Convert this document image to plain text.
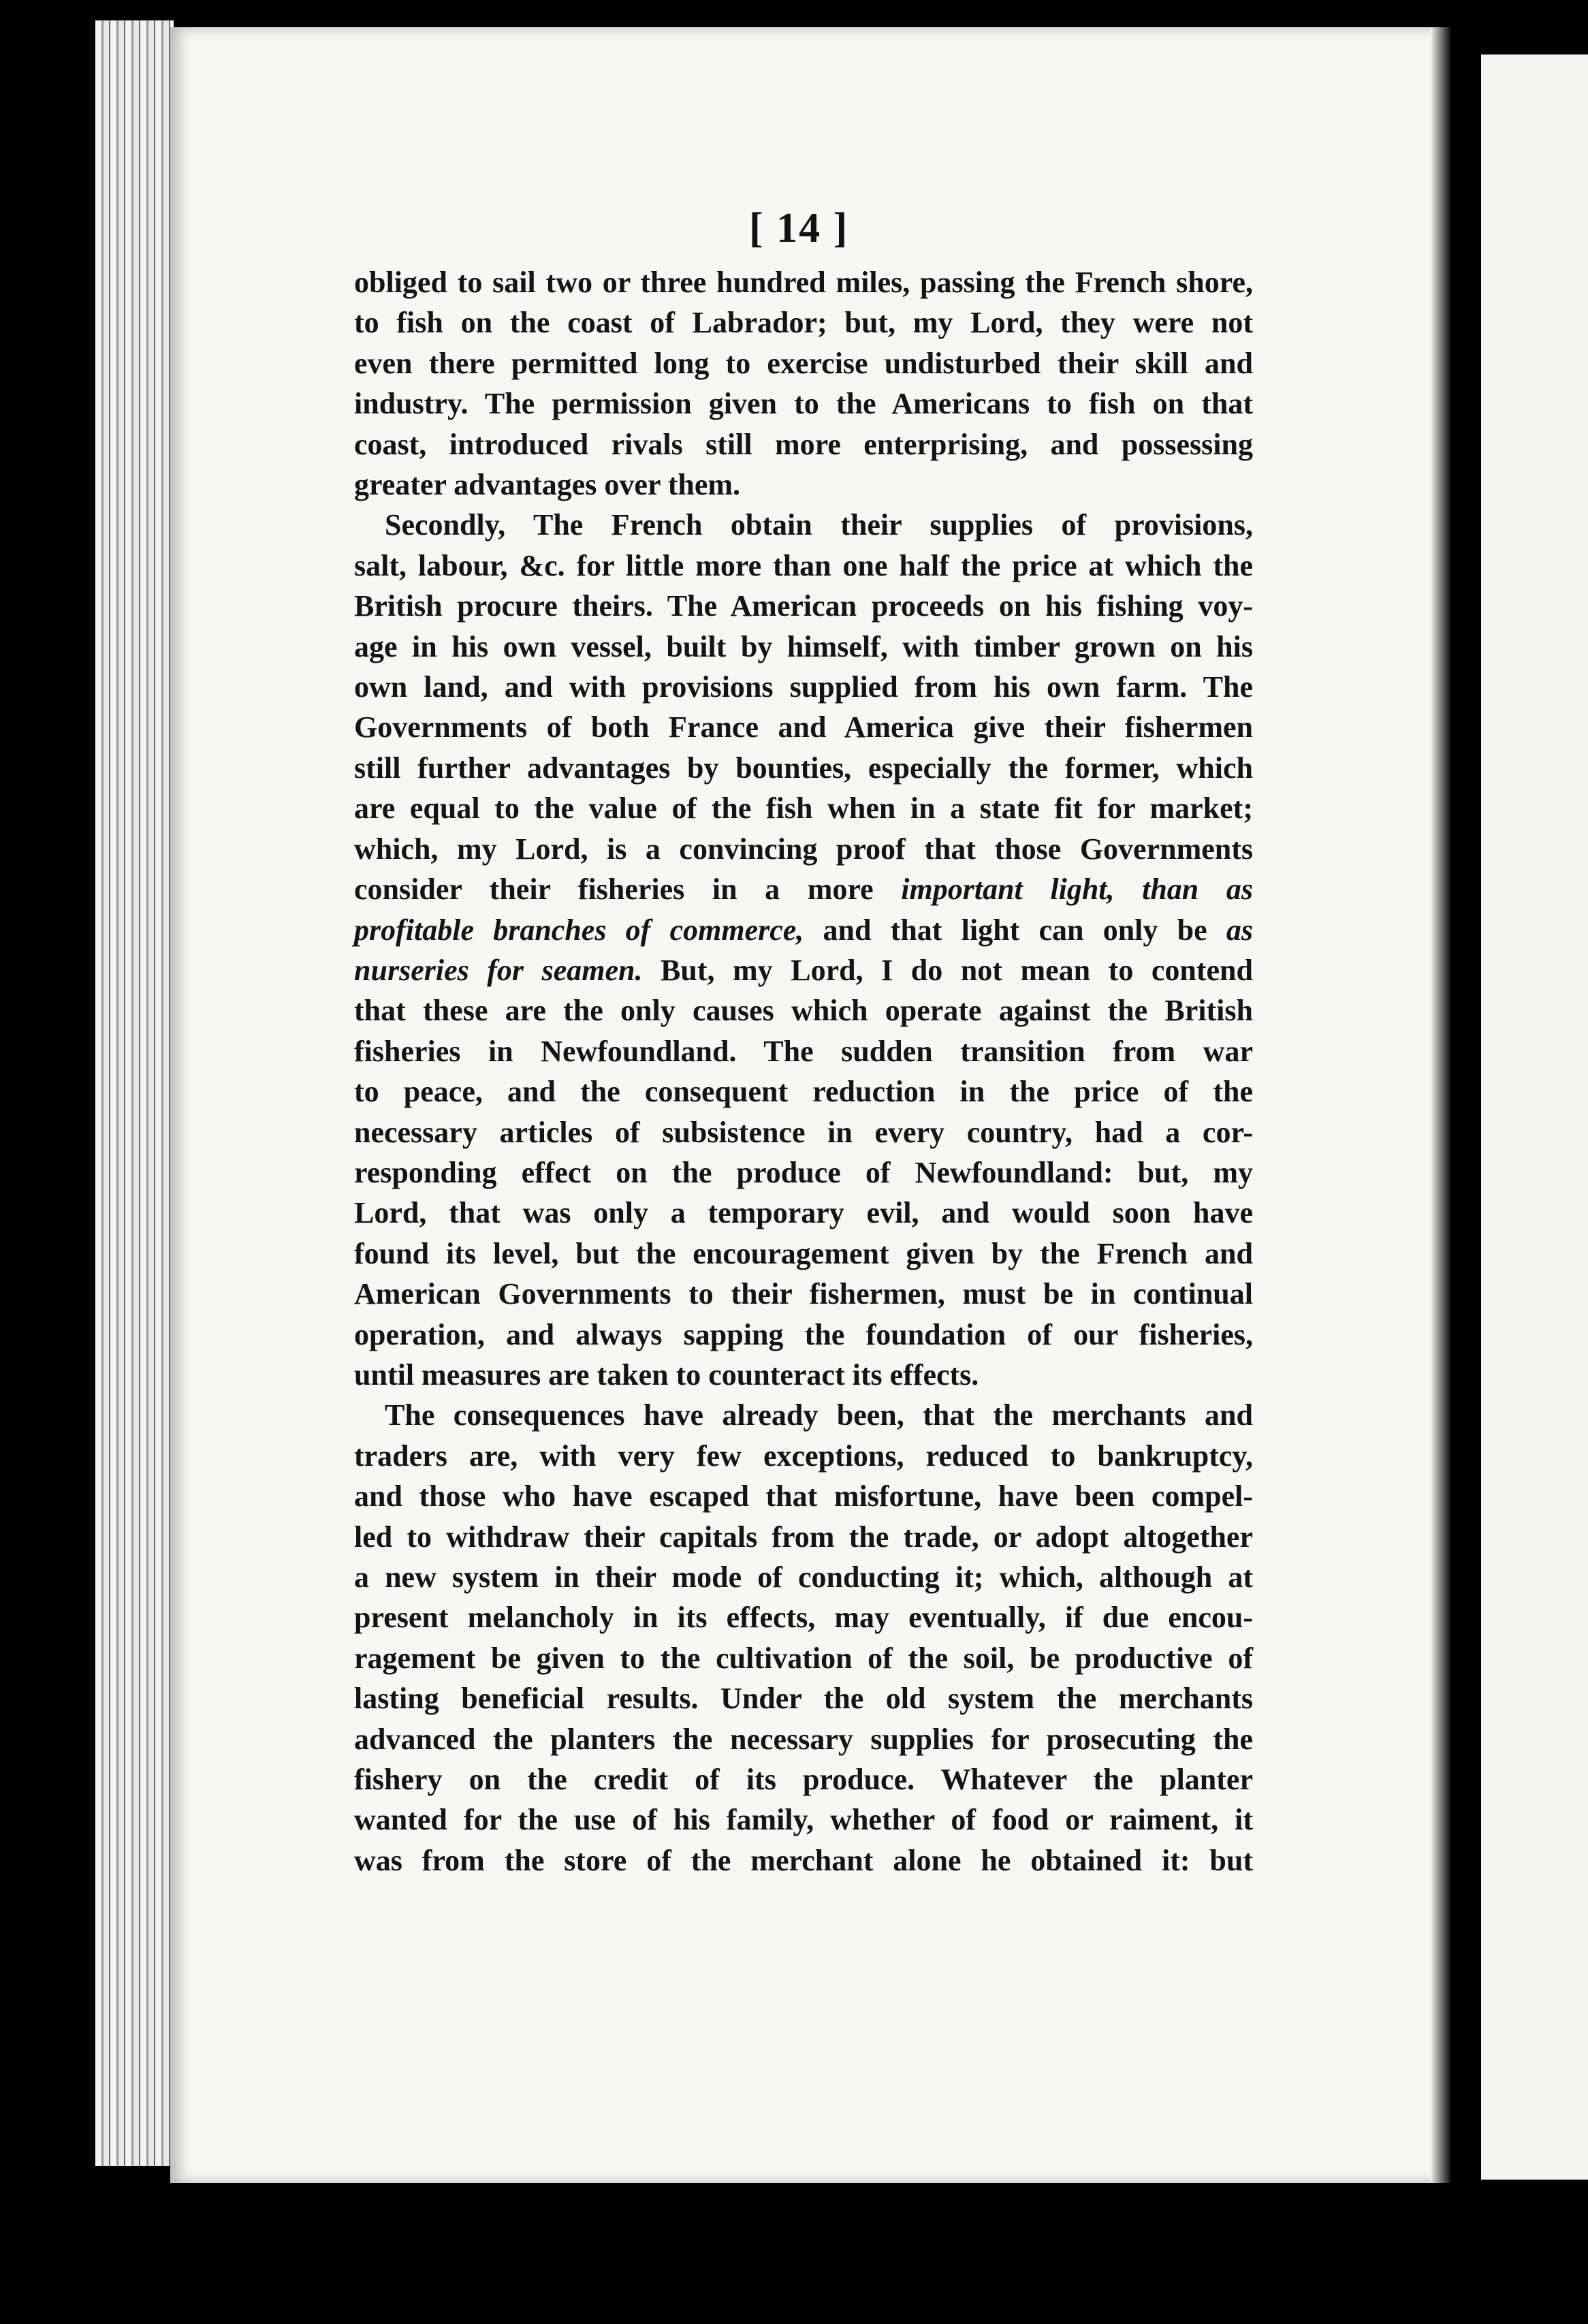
[ 14 ]
obliged to sail two or three hundred miles, passing the French shore,
to fish on the coast of Labrador; but, my Lord, they were not
even there permitted long to exercise undisturbed their skill and
industry. The permission given to the Americans to fish on that
coast, introduced rivals still more enterprising, and possessing
greater advantages over them.
Secondly, The French obtain their supplies of provisions,
salt, labour, &c. for little more than one half the price at which the
British procure theirs. The American proceeds on his fishing voy-
age in his own vessel, built by himself, with timber grown on his
own land, and with provisions supplied from his own farm. The
Governments of both France and America give their fishermen
still further advantages by bounties, especially the former, which
are equal to the value of the fish when in a state fit for market;
which, my Lord, is a convincing proof that those Governments
consider their fisheries in a more important light, than as
profitable branches of commerce, and that light can only be as
nurseries for seamen. But, my Lord, I do not mean to contend
that these are the only causes which operate against the British
fisheries in Newfoundland. The sudden transition from war
to peace, and the consequent reduction in the price of the
necessary articles of subsistence in every country, had a cor-
responding effect on the produce of Newfoundland: but, my
Lord, that was only a temporary evil, and would soon have
found its level, but the encouragement given by the French and
American Governments to their fishermen, must be in continual
operation, and always sapping the foundation of our fisheries,
until measures are taken to counteract its effects.
The consequences have already been, that the merchants and
traders are, with very few exceptions, reduced to bankruptcy,
and those who have escaped that misfortune, have been compel-
led to withdraw their capitals from the trade, or adopt altogether
a new system in their mode of conducting it; which, although at
present melancholy in its effects, may eventually, if due encou-
ragement be given to the cultivation of the soil, be productive of
lasting beneficial results. Under the old system the merchants
advanced the planters the necessary supplies for prosecuting the
fishery on the credit of its produce. Whatever the planter
wanted for the use of his family, whether of food or raiment, it
was from the store of the merchant alone he obtained it: but
